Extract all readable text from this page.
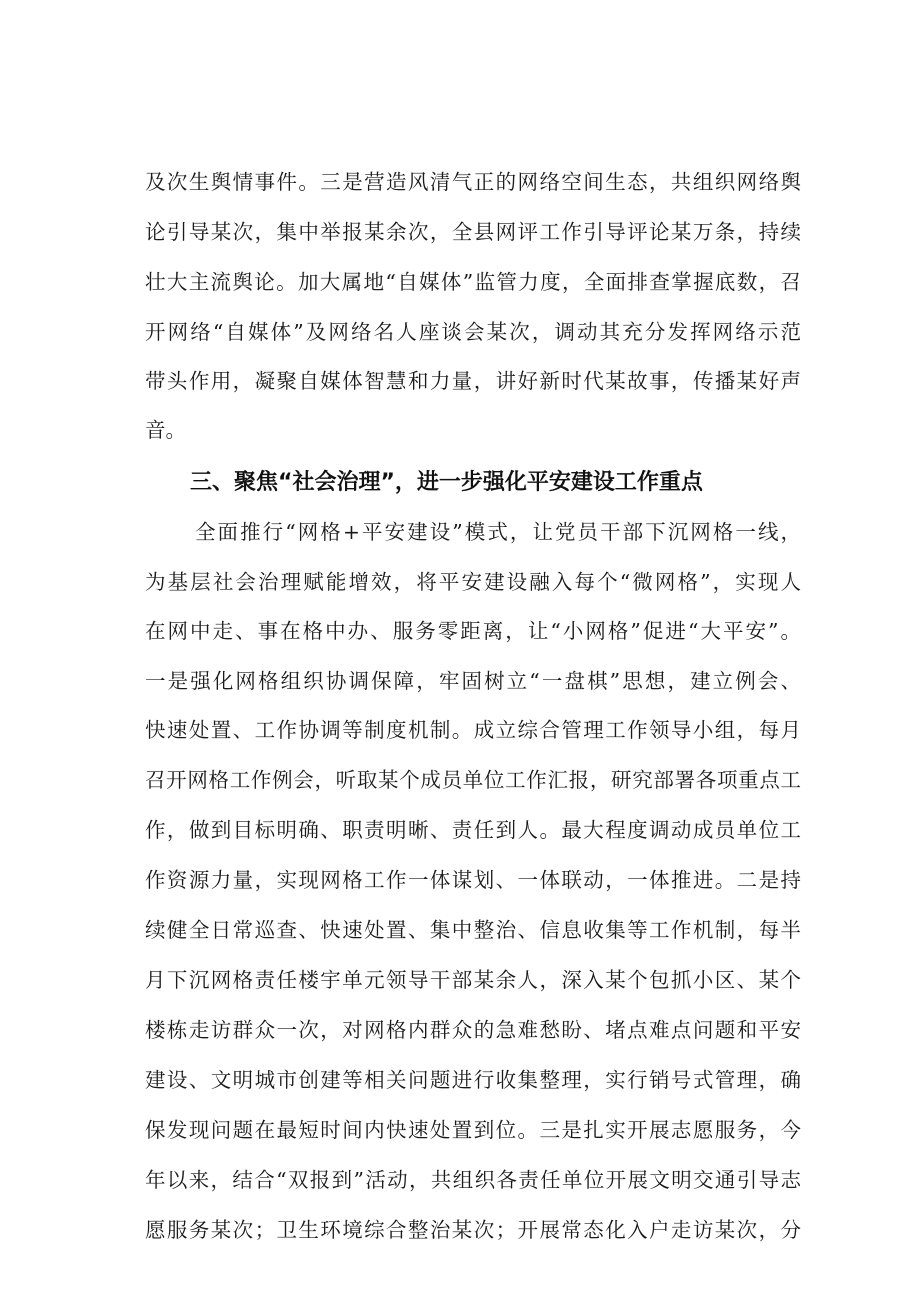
及次生舆情事件。三是营造风清气正的网络空间生态，共组织网络舆

论引导某次，集中举报某余次，全县网评工作引导评论某万条，持续

壮大主流舆论。加大属地“自媒体”监管力度，全面排查掌握底数，召

开网络“自媒体”及网络名人座谈会某次，调动其充分发挥网络示范

带头作用，凝聚自媒体智慧和力量，讲好新时代某故事，传播某好声

音。

三、聚焦“社会治理”，进一步强化平安建设工作重点

全面推行“网格+平安建设”模式，让党员干部下沉网格一线，

为基层社会治理赋能增效，将平安建设融入每个“微网格”，实现人

在网中走、事在格中办、服务零距离，让“小网格”促进“大平安”。

一是强化网格组织协调保障，牢固树立“一盘棋”思想，建立例会、

快速处置、工作协调等制度机制。成立综合管理工作领导小组，每月

召开网格工作例会，听取某个成员单位工作汇报，研究部署各项重点工

作，做到目标明确、职责明晰、责任到人。最大程度调动成员单位工

作资源力量，实现网格工作一体谋划、一体联动，一体推进。二是持

续健全日常巡查、快速处置、集中整治、信息收集等工作机制，每半

月下沉网格责任楼宇单元领导干部某余人，深入某个包抓小区、某个

楼栋走访群众一次，对网格内群众的急难愁盼、堵点难点问题和平安

建设、文明城市创建等相关问题进行收集整理，实行销号式管理，确

保发现问题在最短时间内快速处置到位。三是扎实开展志愿服务，今

年以来，结合“双报到”活动，共组织各责任单位开展文明交通引导志

愿服务某次；卫生环境综合整治某次；开展常态化入户走访某次，分
